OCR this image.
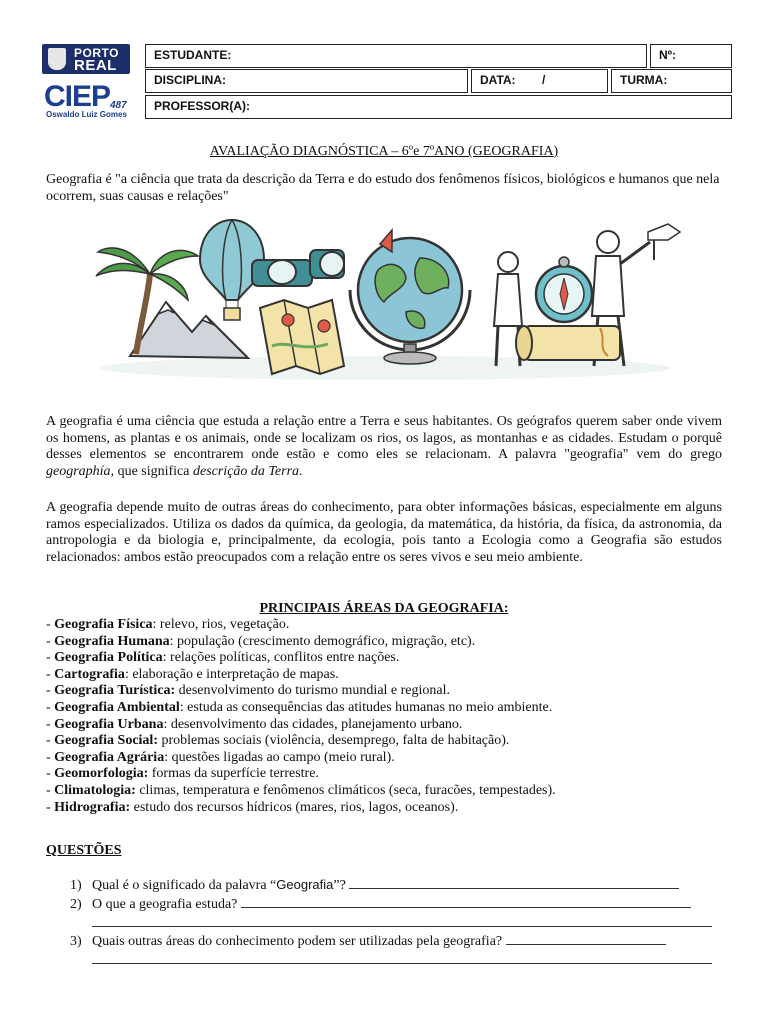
PORTO
REAL
CIEP 487
Oswaldo Luiz Gomes
ESTUDANTE:	Nº:
DISCIPLINA:	DATA: /	TURMA:
PROFESSOR(A):
AVALIAÇÃO DIAGNÓSTICA – 6ºe 7ºANO (GEOGRAFIA)
Geografia é "a ciência que trata da descrição da Terra e do estudo dos fenômenos físicos, biológicos e humanos que nela ocorrem, suas causas e relações"
A geografia é uma ciência que estuda a relação entre a Terra e seus habitantes. Os geógrafos querem saber onde vivem os homens, as plantas e os animais, onde se localizam os rios, os lagos, as montanhas e as cidades. Estudam o porquê desses elementos se encontrarem onde estão e como eles se relacionam. A palavra "geografia" vem do grego geographía, que significa descrição da Terra.
A geografia depende muito de outras áreas do conhecimento, para obter informações básicas, especialmente em alguns ramos especializados. Utiliza os dados da química, da geologia, da matemática, da história, da física, da astronomia, da antropologia e da biologia e, principalmente, da ecologia, pois tanto a Ecologia como a Geografia são estudos relacionados: ambos estão preocupados com a relação entre os seres vivos e seu meio ambiente.
PRINCIPAIS ÁREAS DA GEOGRAFIA:
- Geografia Física: relevo, rios, vegetação.
- Geografia Humana: população (crescimento demográfico, migração, etc).
- Geografia Política: relações políticas, conflitos entre nações.
- Cartografia: elaboração e interpretação de mapas.
- Geografia Turística: desenvolvimento do turismo mundial e regional.
- Geografia Ambiental: estuda as consequências das atitudes humanas no meio ambiente.
- Geografia Urbana: desenvolvimento das cidades, planejamento urbano.
- Geografia Social: problemas sociais (violência, desemprego, falta de habitação).
- Geografia Agrária: questões ligadas ao campo (meio rural).
- Geomorfologia: formas da superfície terrestre.
- Climatologia: climas, temperatura e fenômenos climáticos (seca, furacões, tempestades).
- Hidrografia: estudo dos recursos hídricos (mares, rios, lagos, oceanos).
QUESTÕES
1) Qual é o significado da palavra “Geografia”?
2) O que a geografia estuda?
3) Quais outras áreas do conhecimento podem ser utilizadas pela geografia?
